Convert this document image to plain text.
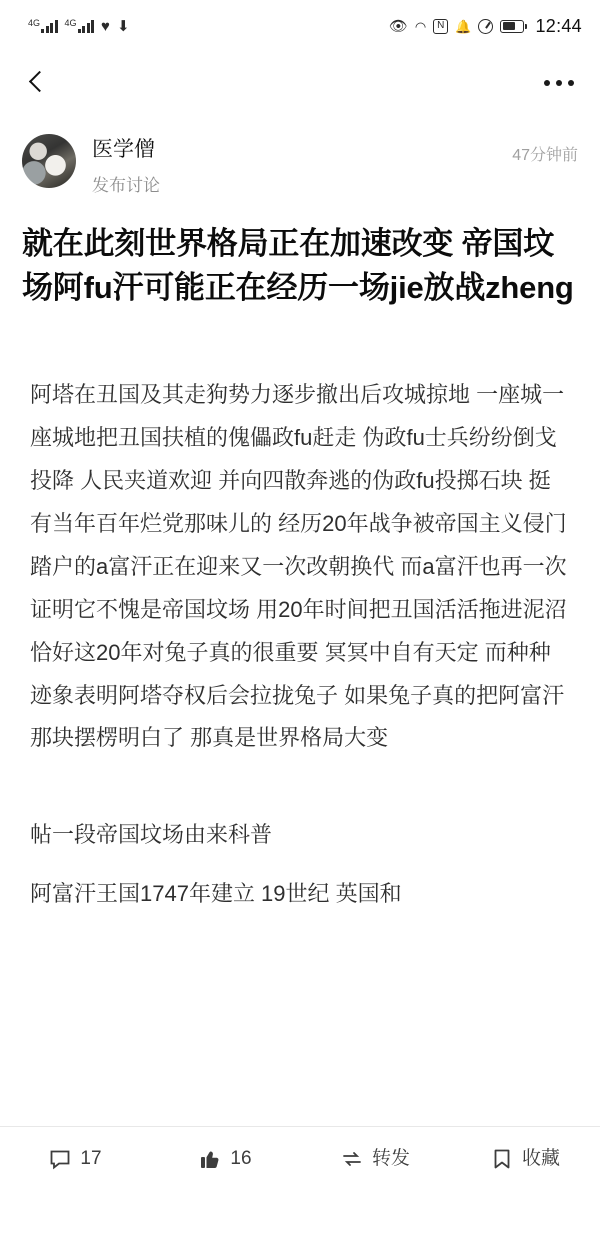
4G	4G ♥ ⬇	👁 ◠	N 🔔	12:44
医学僧
发布讨论
47分钟前
就在此刻世界格局正在加速改变 帝国坟场阿fu汗可能正在经历一场jie放战zheng

阿塔在丑国及其走狗势力逐步撤出后攻城掠地 一座城一座城地把丑国扶植的傀儡政fu赶走 伪政fu士兵纷纷倒戈投降 人民夹道欢迎 并向四散奔逃的伪政fu投掷石块 挺有当年百年烂党那味儿的 经历20年战争被帝国主义侵门踏户的a富汗正在迎来又一次改朝换代 而a富汗也再一次证明它不愧是帝国坟场 用20年时间把丑国活活拖进泥沼 恰好这20年对兔子真的很重要 冥冥中自有天定 而种种迹象表明阿塔夺权后会拉拢兔子 如果兔子真的把阿富汗那块摆楞明白了 那真是世界格局大变

帖一段帝国坟场由来科普

阿富汗王国1747年建立 19世纪 英国和

17	16	转发	收藏
